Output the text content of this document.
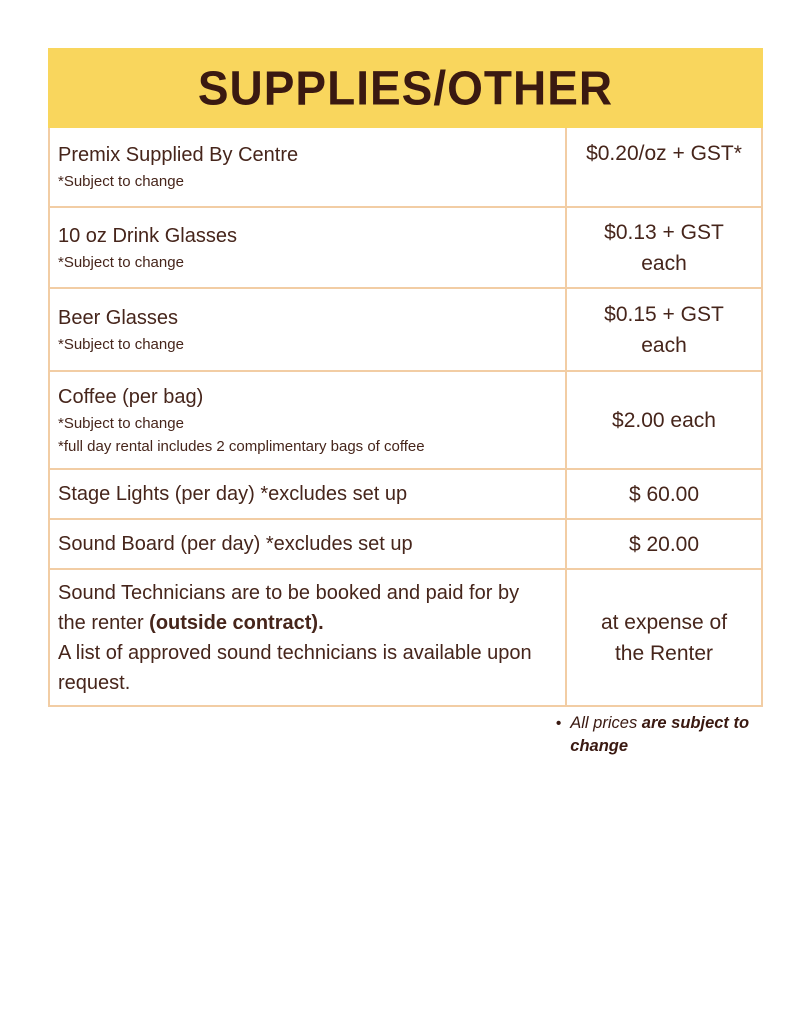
SUPPLIES/OTHER
Premix Supplied By Centre
*Subject to change
$0.20/oz + GST*
10 oz Drink Glasses
*Subject to change
$0.13 + GST
each
Beer Glasses
*Subject to change
$0.15 + GST
each
Coffee (per bag)
*Subject to change
*full day rental includes 2 complimentary bags of coffee
$2.00 each
Stage Lights (per day) *excludes set up	$ 60.00
Sound Board (per day) *excludes set up	$ 20.00
Sound Technicians are to be booked and paid for by the renter (outside contract).
A list of approved sound technicians is available upon request.
at expense of
the Renter
• All prices are subject to change
